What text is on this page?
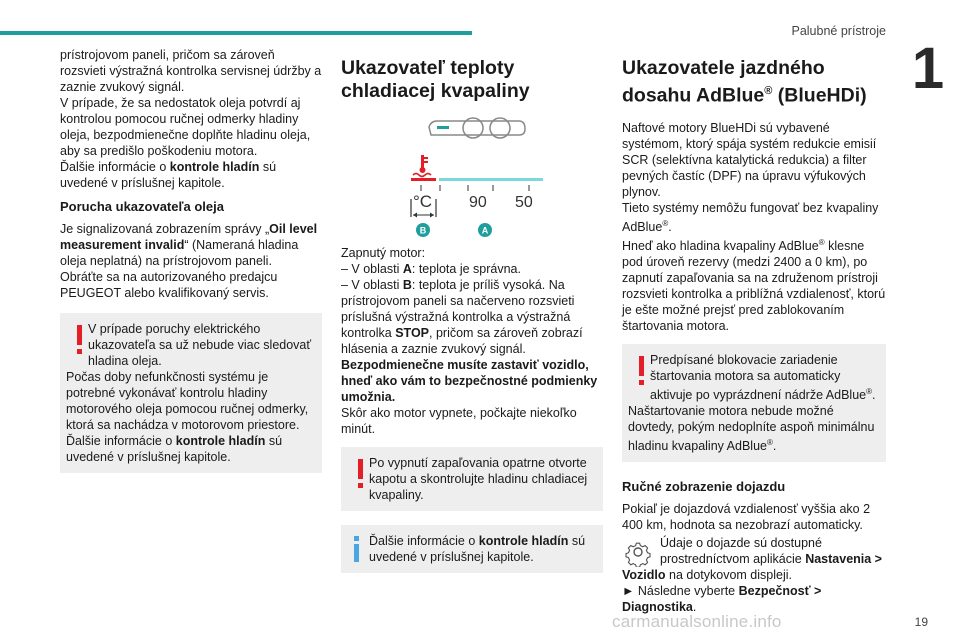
Palubné prístroje
1
19
carmanualsonline.info

prístrojovom paneli, pričom sa zároveň rozsvieti výstražná kontrolka servisnej údržby a zaznie zvukový signál.

V prípade, že sa nedostatok oleja potvrdí aj kontrolou pomocou ručnej odmerky hladiny oleja, bezpodmienečne doplňte hladinu oleja, aby sa predišlo poškodeniu motora.

Ďalšie informácie o kontrole hladín sú uvedené v príslušnej kapitole.

Porucha ukazovateľa oleja

Je signalizovaná zobrazením správy „Oil level measurement invalid“ (Nameraná hladina oleja neplatná) na prístrojovom paneli.

Obráťte sa na autorizovaného predajcu PEUGEOT alebo kvalifikovaný servis.

V prípade poruchy elektrického ukazovateľa sa už nebude viac sledovať hladina oleja.

Počas doby nefunkčnosti systému je potrebné vykonávať kontrolu hladiny motorového oleja pomocou ručnej odmerky, ktorá sa nachádza v motorovom priestore.

Ďalšie informácie o kontrole hladín sú uvedené v príslušnej kapitole.

Ukazovateľ teploty chladiacej kvapaliny
°C 90 50
B	A

Zapnutý motor:

– V oblasti A: teplota je správna.

– V oblasti B: teplota je príliš vysoká. Na prístrojovom paneli sa načerveno rozsvieti príslušná výstražná kontrolka a výstražná kontrolka STOP, pričom sa zároveň zobrazí hlásenia a zaznie zvukový signál.

Bezpodmienečne musíte zastaviť vozidlo, hneď ako vám to bezpečnostné podmienky umožnia.

Skôr ako motor vypnete, počkajte niekoľko minút.

Po vypnutí zapaľovania opatrne otvorte kapotu a skontrolujte hladinu chladiacej kvapaliny.

Ďalšie informácie o kontrole hladín sú uvedené v príslušnej kapitole.

Ukazovatele jazdného dosahu AdBlue® (BlueHDi)

Naftové motory BlueHDi sú vybavené systémom, ktorý spája systém redukcie emisií SCR (selektívna katalytická redukcia) a filter pevných častíc (DPF) na úpravu výfukových plynov.

Tieto systémy nemôžu fungovať bez kvapaliny AdBlue®.

Hneď ako hladina kvapaliny AdBlue® klesne pod úroveň rezervy (medzi 2400 a 0 km), po zapnutí zapaľovania sa na združenom prístroji rozsvieti kontrolka a priblížná vzdialenosť, ktorú je ešte možné prejsť pred zablokovaním štartovania motora.

Predpísané blokovacie zariadenie štartovania motora sa automaticky aktivuje po vyprázdnení nádrže AdBlue®.

Naštartovanie motora nebude možné dovtedy, pokým nedoplníte aspoň minimálnu hladinu kvapaliny AdBlue®.

Ručné zobrazenie dojazdu

Pokiaľ je dojazdová vzdialenosť vyššia ako 2 400 km, hodnota sa nezobrazí automaticky.

Údaje o dojazde sú dostupné prostredníctvom aplikácie Nastavenia > Vozidlo na dotykovom displeji.

► Následne vyberte Bezpečnosť > Diagnostika.
